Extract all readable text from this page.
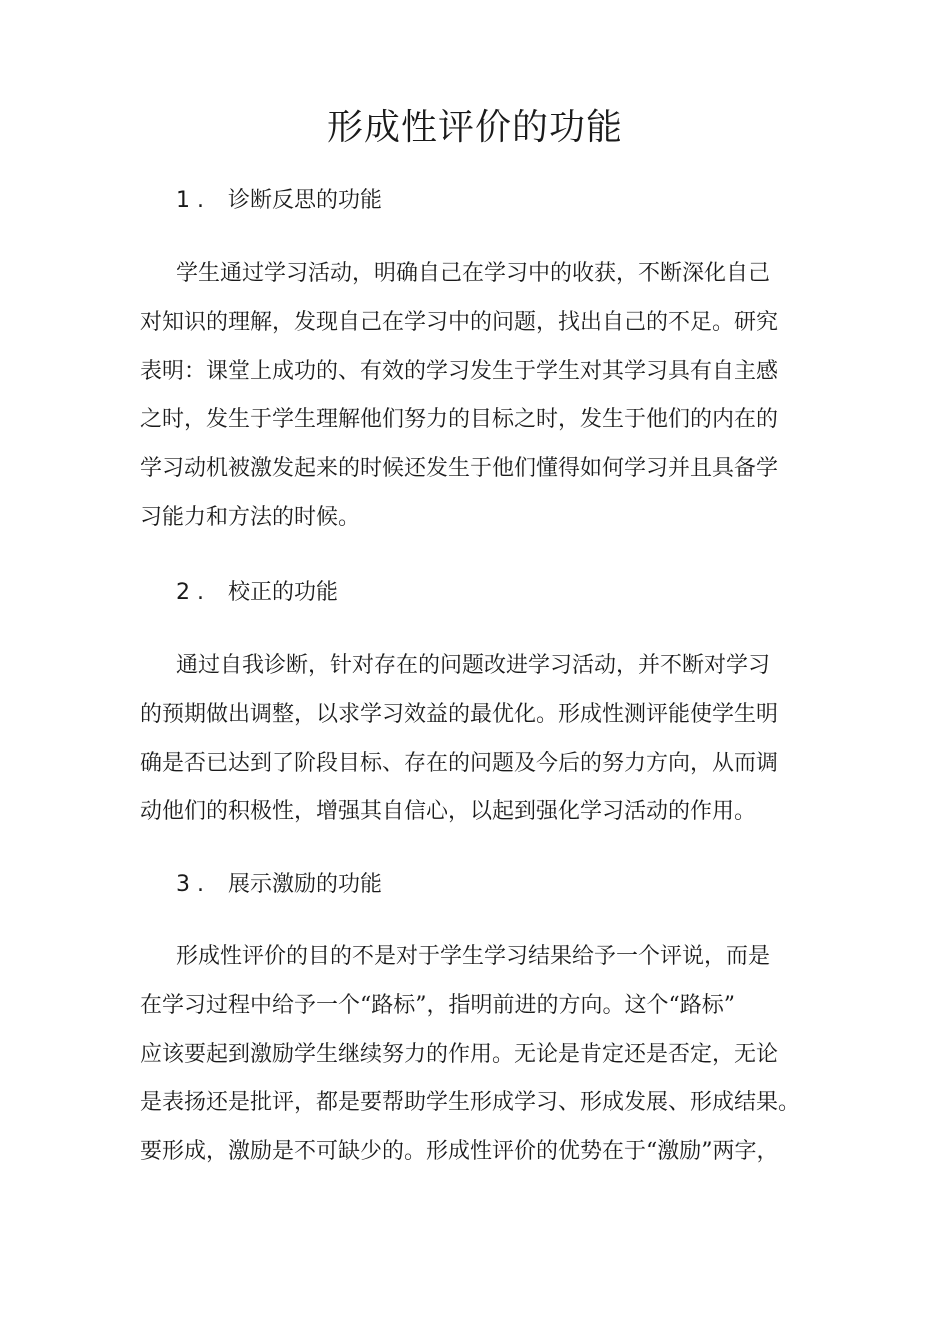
形成性评价的功能
1 . 诊断反思的功能
学生通过学习活动，明确自己在学习中的收获，不断深化自己
对知识的理解，发现自己在学习中的问题，找出自己的不足。研究
表明：课堂上成功的、有效的学习发生于学生对其学习具有自主感
之时，发生于学生理解他们努力的目标之时，发生于他们的内在的
学习动机被激发起来的时候还发生于他们懂得如何学习并且具备学
习能力和方法的时候。
2 . 校正的功能
通过自我诊断，针对存在的问题改进学习活动，并不断对学习
的预期做出调整，以求学习效益的最优化。形成性测评能使学生明
确是否已达到了阶段目标、存在的问题及今后的努力方向，从而调
动他们的积极性，增强其自信心，以起到强化学习活动的作用。
3 . 展示激励的功能
形成性评价的目的不是对于学生学习结果给予一个评说，而是
在学习过程中给予一个“路标”，指明前进的方向。这个“路标”
应该要起到激励学生继续努力的作用。无论是肯定还是否定，无论
是表扬还是批评，都是要帮助学生形成学习、形成发展、形成结果。
要形成，激励是不可缺少的。形成性评价的优势在于“激励”两字，
